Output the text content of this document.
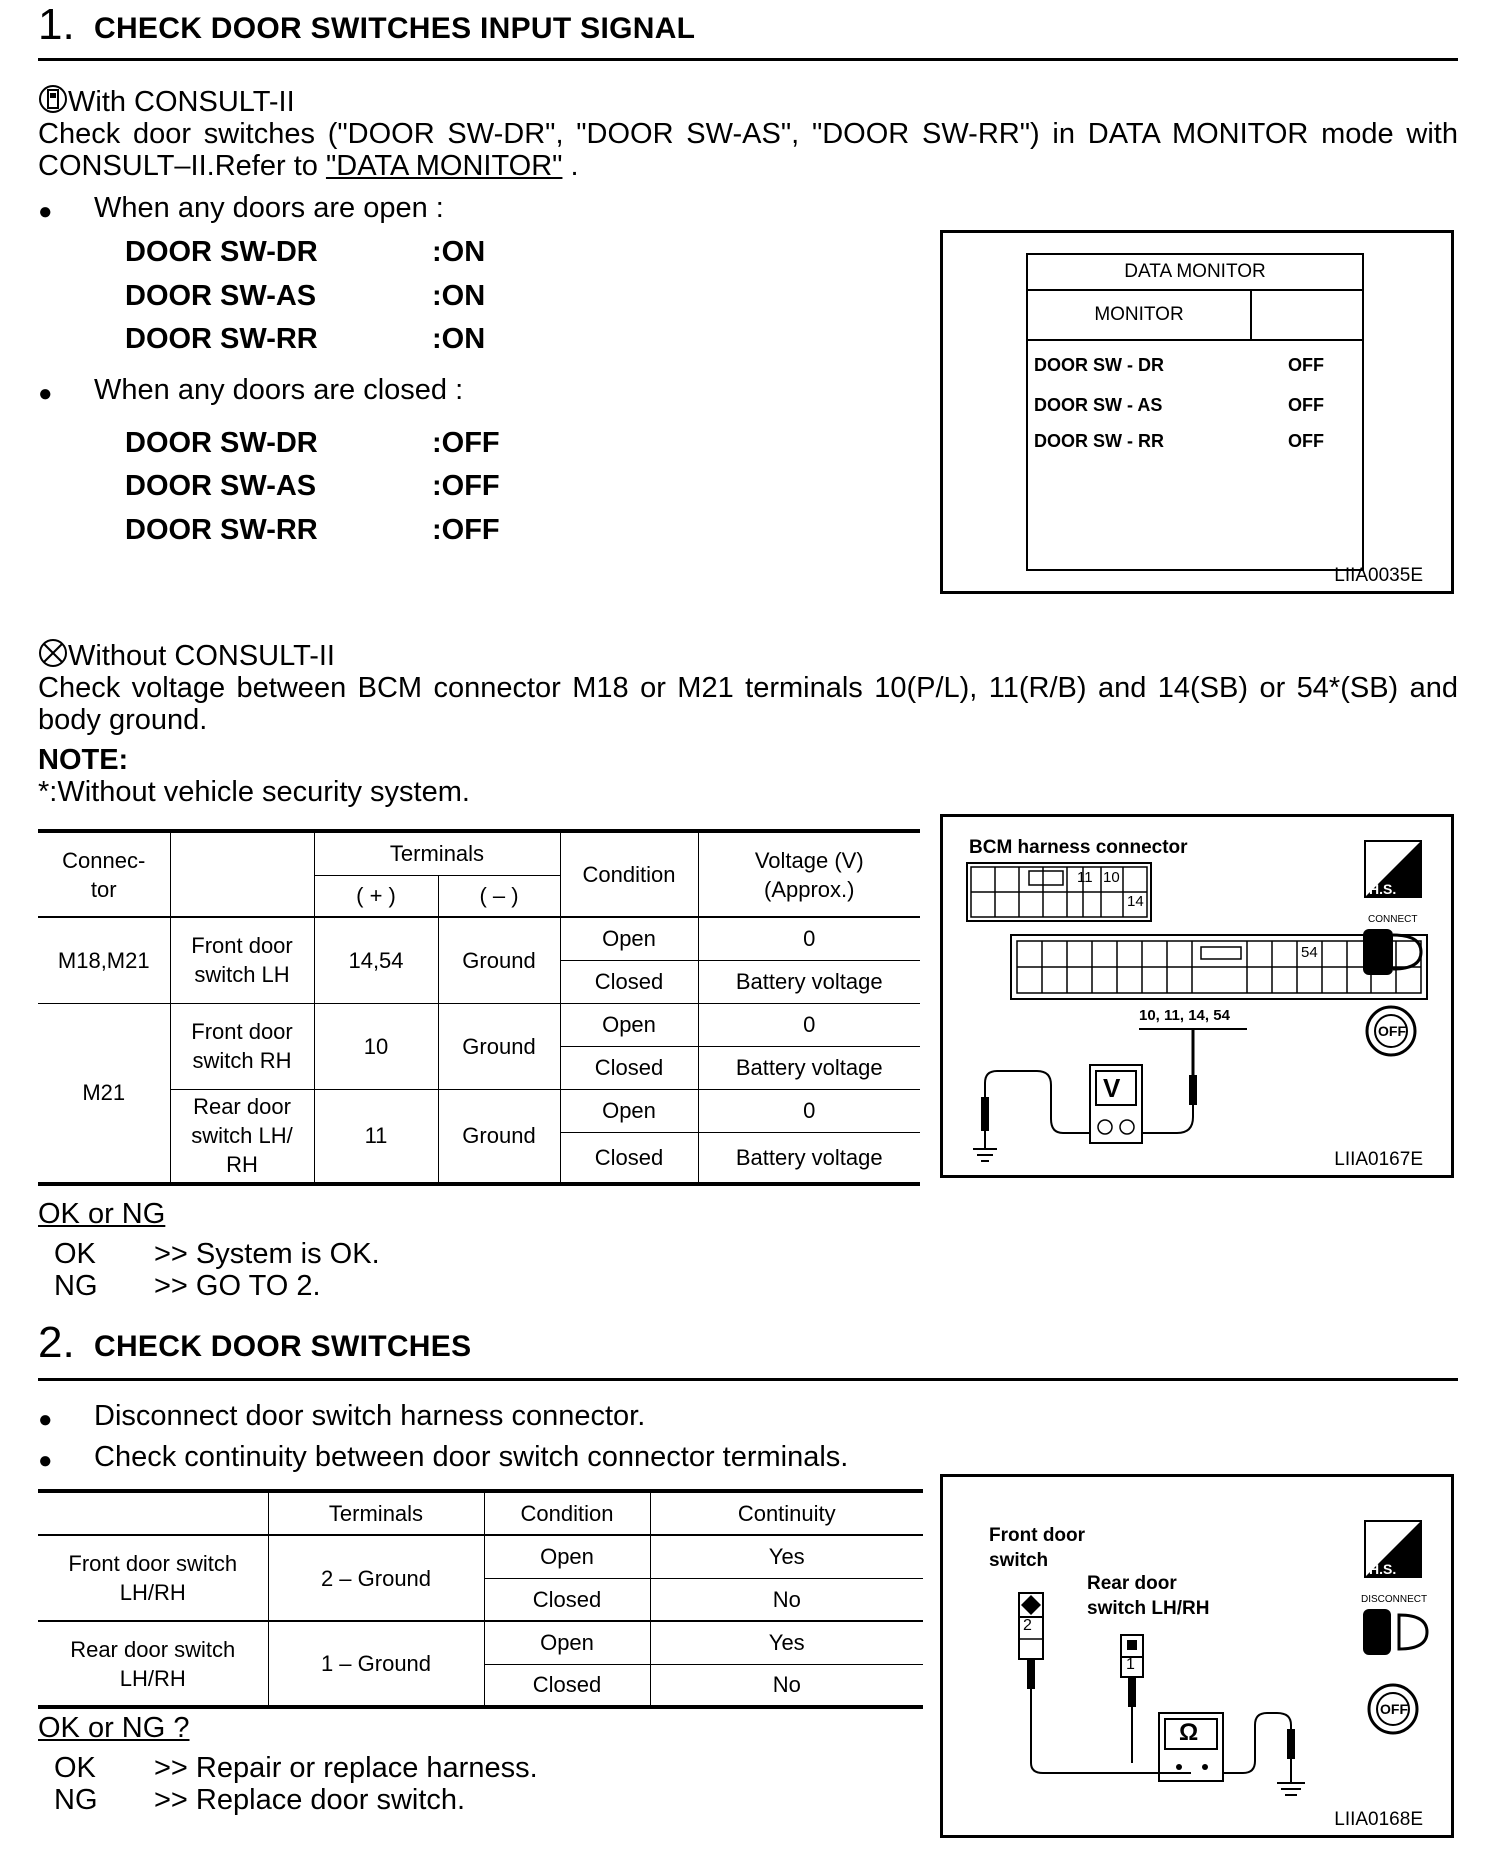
1. CHECK DOOR SWITCHES INPUT SIGNAL
With CONSULT-II
Check door switches ("DOOR SW-DR", "DOOR SW-AS", "DOOR SW-RR") in DATA MONITOR mode with
CONSULT–II.Refer to "DATA MONITOR" .
● When any doors are open :
DOOR SW-DR	:ON
DOOR SW-AS	:ON
DOOR SW-RR	:ON
● When any doors are closed :
DOOR SW-DR	:OFF
DOOR SW-AS	:OFF
DOOR SW-RR	:OFF
DATA MONITOR
MONITOR
DOOR SW - DR	OFF
DOOR SW - AS	OFF
DOOR SW - RR	OFF
LIIA0035E
Without CONSULT-II
Check voltage between BCM connector M18 or M21 terminals 10(P/L), 11(R/B) and 14(SB) or 54*(SB) and
body ground.
NOTE:
*:Without vehicle security system.
Connec-
tor		Terminals		Condition	Voltage (V)
(Approx.)
		( + )	( – )		
M18,M21	Front door
switch LH	14,54	Ground	Open	0
				Closed	Battery voltage
M21	Front door
switch RH	10	Ground	Open	0
				Closed	Battery voltage
	Rear door
switch LH/
RH	11	Ground	Open	0
				Closed	Battery voltage
BCM harness connector
11 10
14
54
10, 11, 14, 54
V
H.S.
CONNECT
OFF
LIIA0167E
OK or NG
OK >> System is OK.
NG >> GO TO 2.
2. CHECK DOOR SWITCHES
● Disconnect door switch harness connector.
● Check continuity between door switch connector terminals.
	Terminals	Condition	Continuity
Front door switch
LH/RH	2 – Ground	Open	Yes
		Closed	No
Rear door switch
LH/RH	1 – Ground	Open	Yes
		Closed	No
Front door
switch
Rear door
switch LH/RH
2
1
Ω
H.S.
DISCONNECT
OFF
LIIA0168E
OK or NG ?
OK >> Repair or replace harness.
NG >> Replace door switch.
